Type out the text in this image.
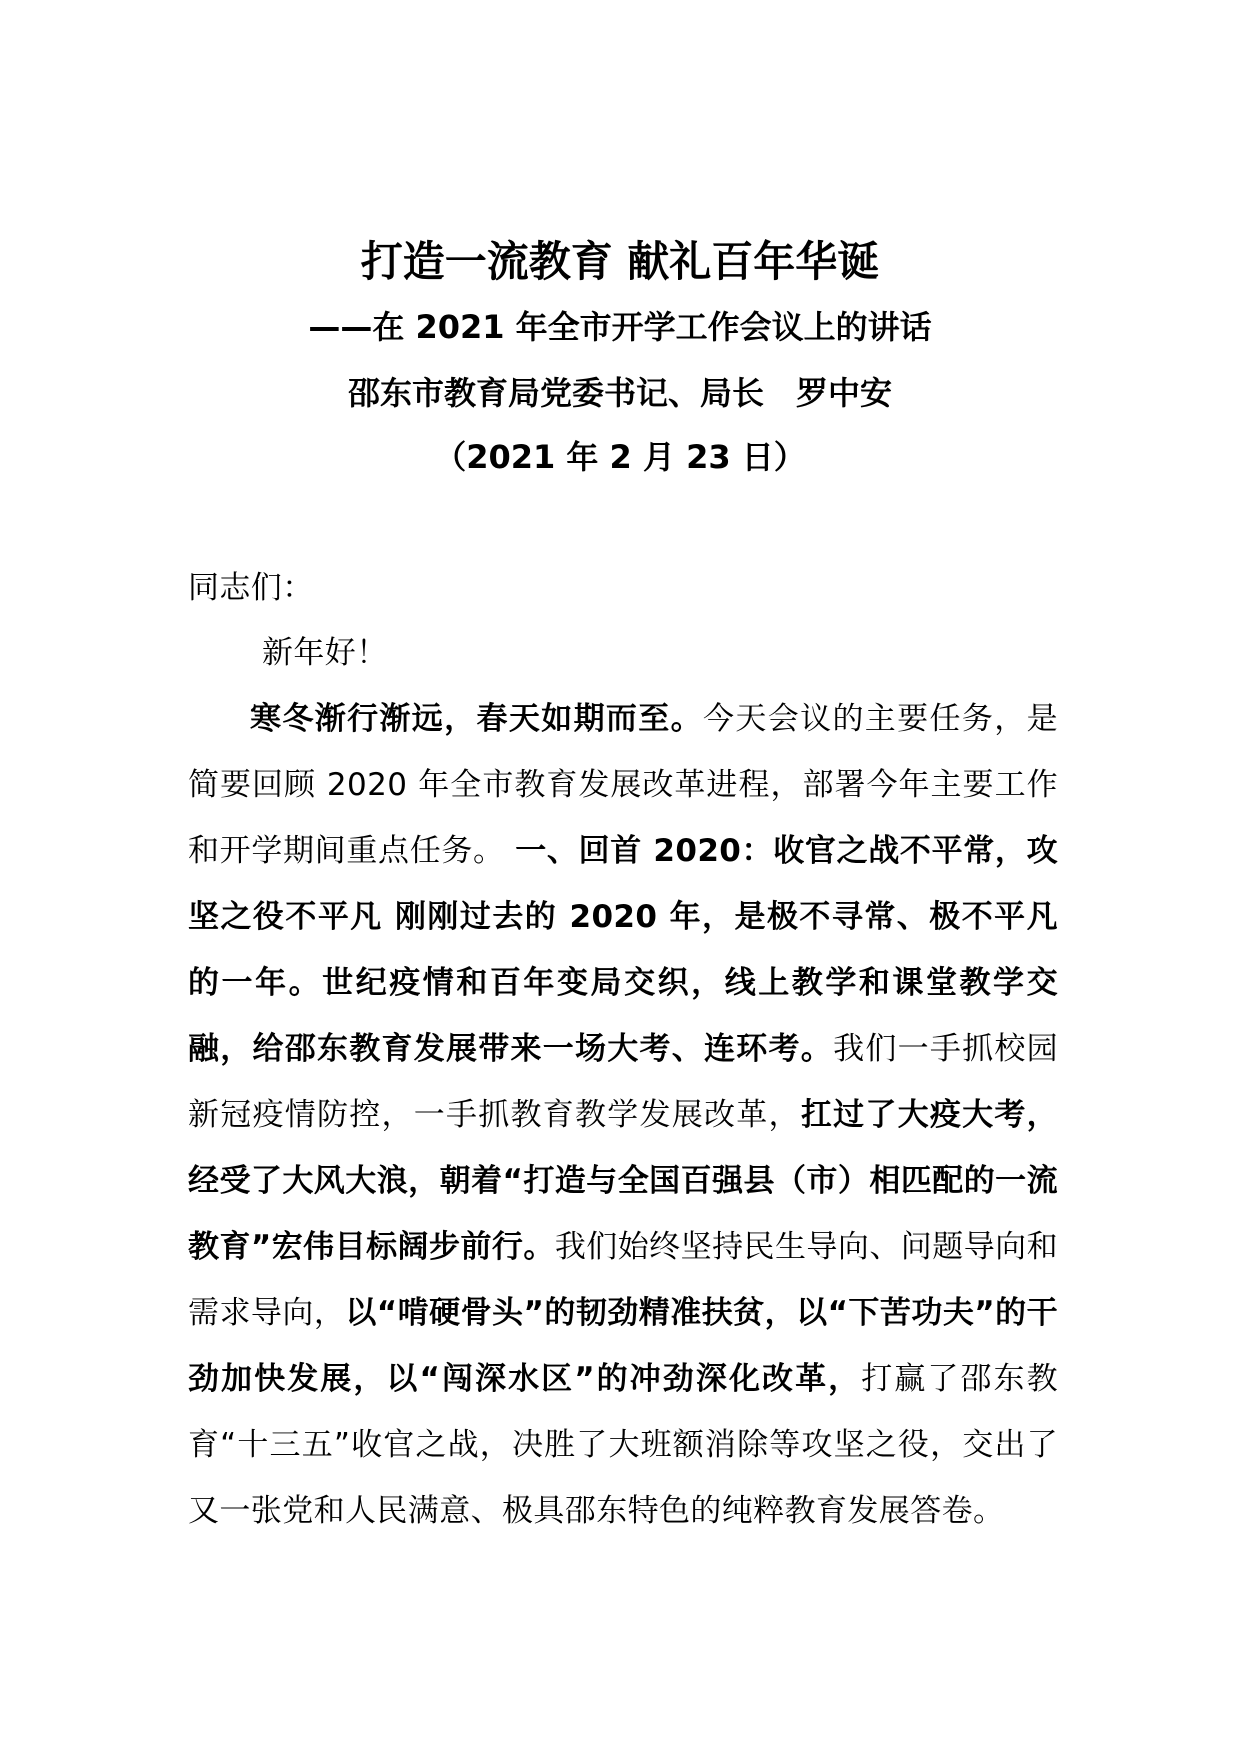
打造一流教育 献礼百年华诞
——在 2021 年全市开学工作会议上的讲话
邵东市教育局党委书记、局长　罗中安
（2021 年 2 月 23 日）
同志们：
新年好！
寒冬渐行渐远，春天如期而至。今天会议的主要任务，是简要回顾 2020 年全市教育发展改革进程，部署今年主要工作和开学期间重点任务。 一、回首 2020：收官之战不平常，攻坚之役不平凡 刚刚过去的 2020 年，是极不寻常、极不平凡的一年。世纪疫情和百年变局交织，线上教学和课堂教学交融，给邵东教育发展带来一场大考、连环考。我们一手抓校园新冠疫情防控，一手抓教育教学发展改革，扛过了大疫大考，经受了大风大浪，朝着“打造与全国百强县（市）相匹配的一流教育”宏伟目标阔步前行。我们始终坚持民生导向、问题导向和需求导向，以“啃硬骨头”的韧劲精准扶贫，以“下苦功夫”的干劲加快发展，以“闯深水区”的冲劲深化改革，打赢了邵东教育“十三五”收官之战，决胜了大班额消除等攻坚之役，交出了又一张党和人民满意、极具邵东特色的纯粹教育发展答卷。
